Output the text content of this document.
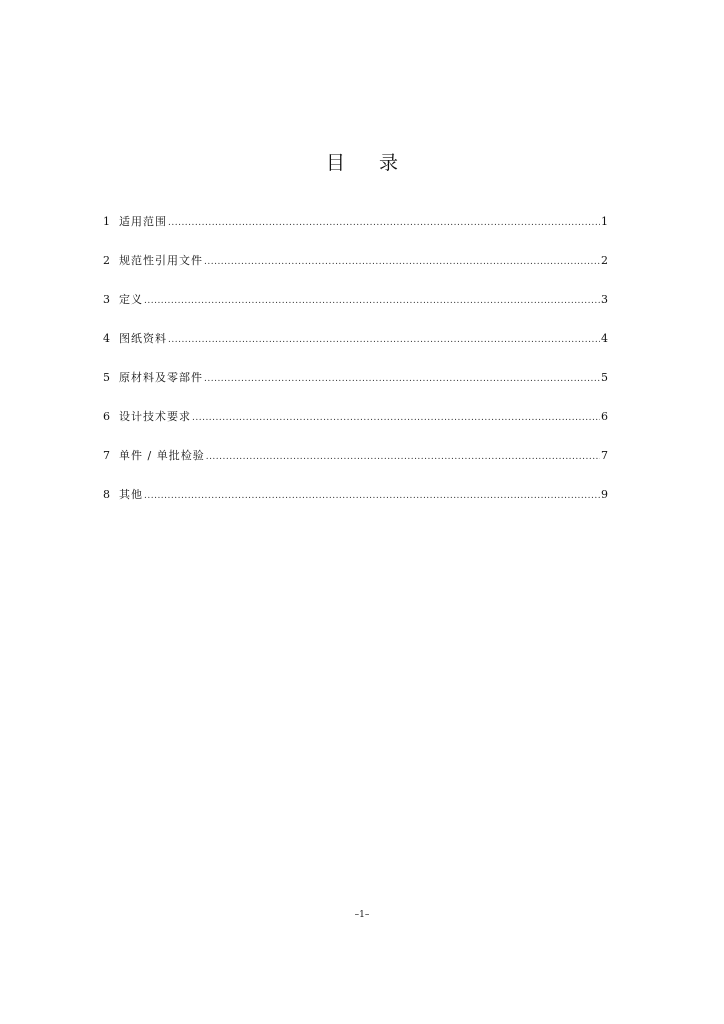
目 录
1 适用范围 .....	1
2 规范性引用文件 .....	2
3 定义 .....	3
4 图纸资料 .....	4
5 原材料及零部件 .....	5
6 设计技术要求 .....	6
7 单件 / 单批检验 .....	7
8 其他 .....	9
–1–
